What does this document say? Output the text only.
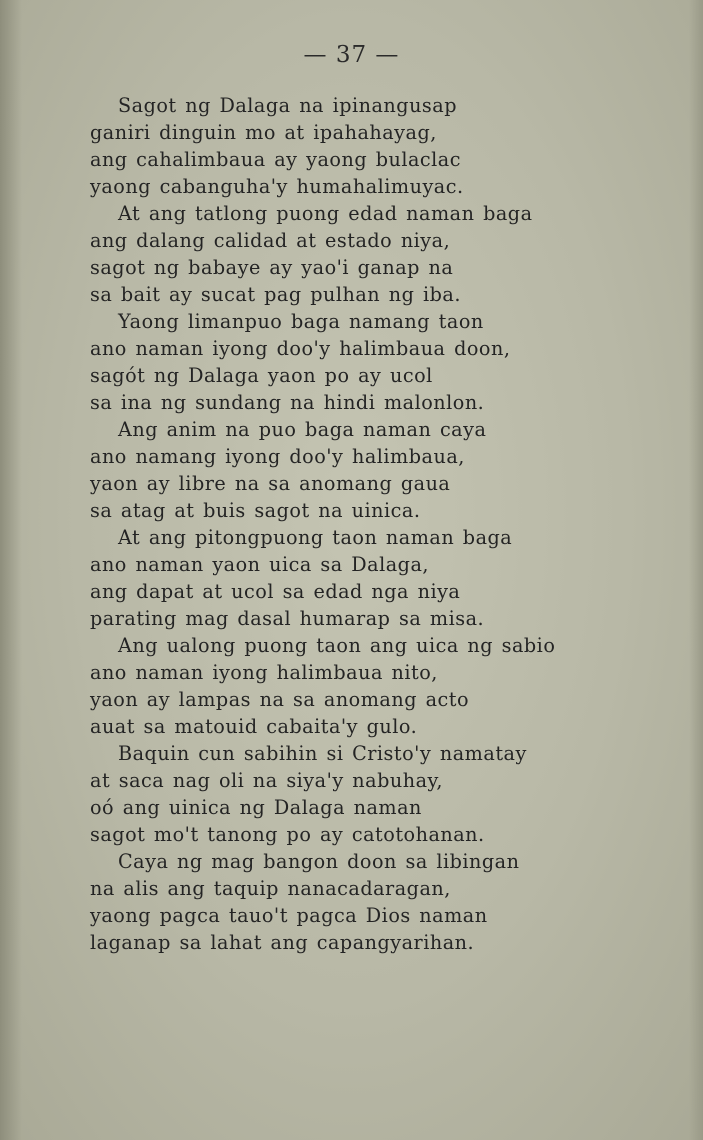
— 37 —
Sagot ng Dalaga na ipinangusap
ganiri dinguin mo at ipahahayag,
ang cahalimbaua ay yaong bulaclac
yaong cabanguha'y humahalimuyac.
At ang tatlong puong edad naman baga
ang dalang calidad at estado niya,
sagot ng babaye ay yao'i ganap na
sa bait ay sucat pag pulhan ng iba.
Yaong limanpuo baga namang taon
ano naman iyong doo'y halimbaua doon,
sagót ng Dalaga yaon po ay ucol
sa ina ng sundang na hindi malonlon.
Ang anim na puo baga naman caya
ano namang iyong doo'y halimbaua,
yaon ay libre na sa anomang gaua
sa atag at buis sagot na uinica.
At ang pitongpuong taon naman baga
ano naman yaon uica sa Dalaga,
ang dapat at ucol sa edad nga niya
parating mag dasal humarap sa misa.
Ang ualong puong taon ang uica ng sabio
ano naman iyong halimbaua nito,
yaon ay lampas na sa anomang acto
auat sa matouid cabaita'y gulo.
Baquin cun sabihin si Cristo'y namatay
at saca nag oli na siya'y nabuhay,
oó ang uinica ng Dalaga naman
sagot mo't tanong po ay catotohanan.
Caya ng mag bangon doon sa libingan
na alis ang taquip nanacadaragan,
yaong pagca tauo't pagca Dios naman
laganap sa lahat ang capangyarihan.
